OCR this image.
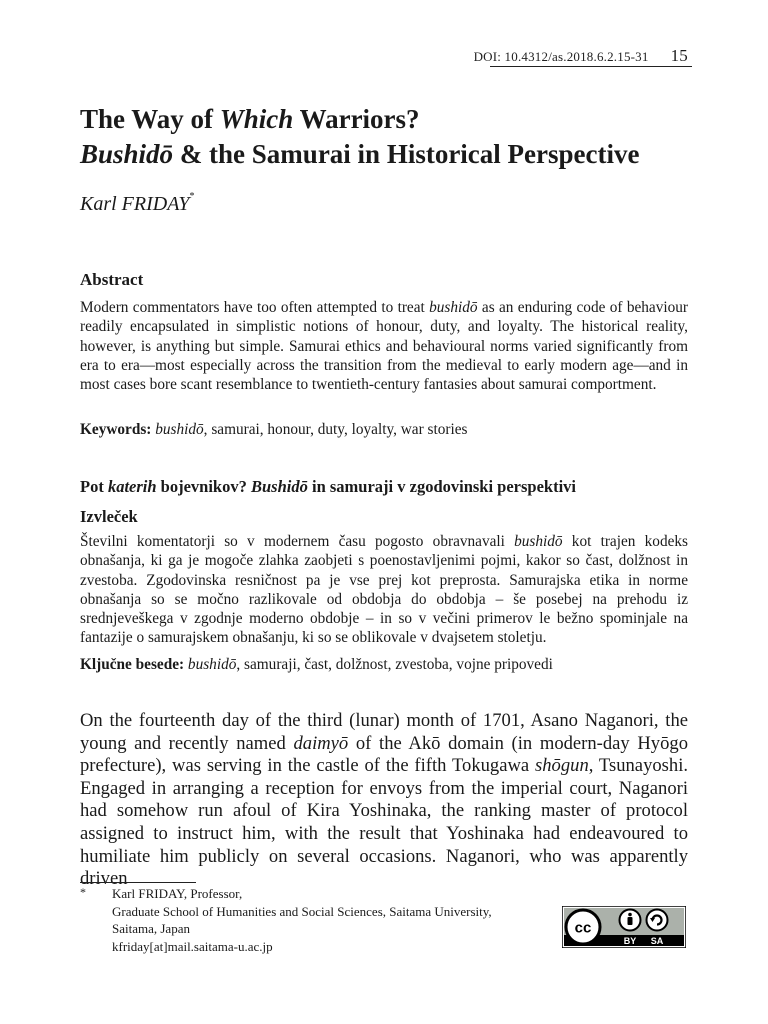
DOI: 10.4312/as.2018.6.2.15-31 15
The Way of Which Warriors?
Bushidō & the Samurai in Historical Perspective
Karl FRIDAY*
Abstract
Modern commentators have too often attempted to treat bushidō as an enduring code of behaviour readily encapsulated in simplistic notions of honour, duty, and loyalty. The historical reality, however, is anything but simple. Samurai ethics and behavioural norms varied significantly from era to era—most especially across the transition from the medieval to early modern age—and in most cases bore scant resemblance to twentieth-century fantasies about samurai comportment.
Keywords: bushidō, samurai, honour, duty, loyalty, war stories
Pot katerih bojevnikov? Bushidō in samuraji v zgodovinski perspektivi
Izvleček
Številni komentatorji so v modernem času pogosto obravnavali bushidō kot trajen kodeks obnašanja, ki ga je mogoče zlahka zaobjeti s poenostavljenimi pojmi, kakor so čast, dolžnost in zvestoba. Zgodovinska resničnost pa je vse prej kot preprosta. Samurajska etika in norme obnašanja so se močno razlikovale od obdobja do obdobja – še posebej na prehodu iz srednjeveškega v zgodnje moderno obdobje – in so v večini primerov le bežno spominjale na fantazije o samurajskem obnašanju, ki so se oblikovale v dvajsetem stoletju.
Ključne besede: bushidō, samuraji, čast, dolžnost, zvestoba, vojne pripovedi
On the fourteenth day of the third (lunar) month of 1701, Asano Naganori, the young and recently named daimyō of the Akō domain (in modern-day Hyōgo prefecture), was serving in the castle of the fifth Tokugawa shōgun, Tsunayoshi. Engaged in arranging a reception for envoys from the imperial court, Naganori had somehow run afoul of Kira Yoshinaka, the ranking master of protocol assigned to instruct him, with the result that Yoshinaka had endeavoured to humiliate him publicly on several occasions. Naganori, who was apparently driven
* Karl FRIDAY, Professor,
Graduate School of Humanities and Social Sciences, Saitama University,
Saitama, Japan
kfriday[at]mail.saitama-u.ac.jp
cc
BY SA
